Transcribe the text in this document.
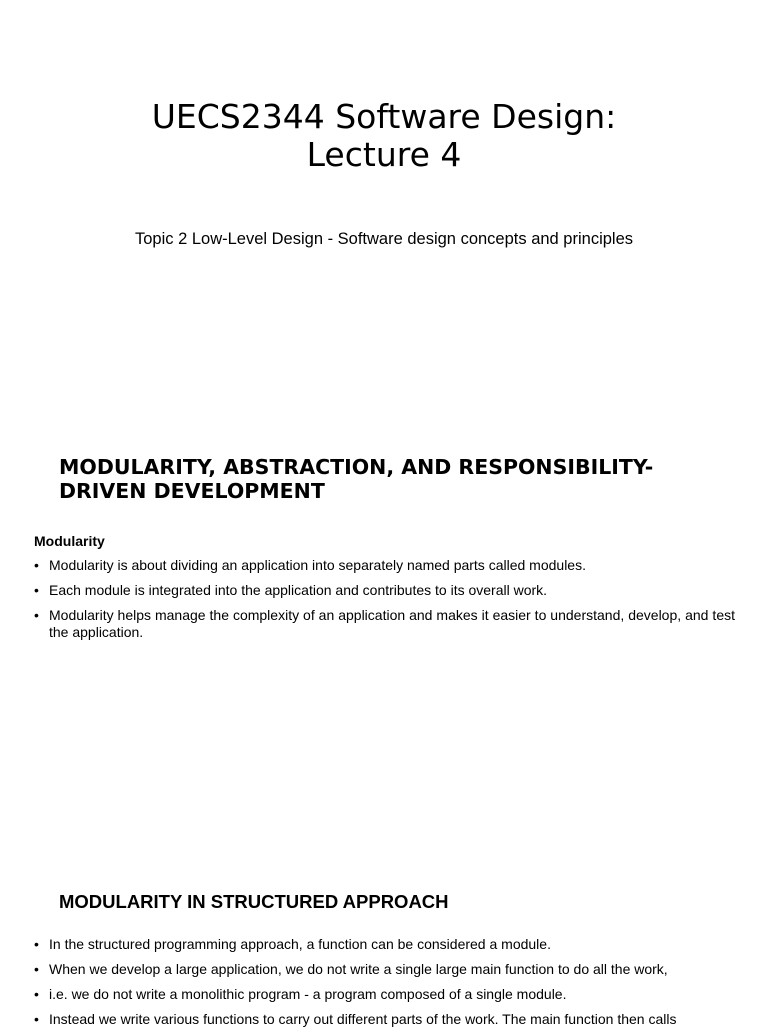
UECS2344 Software Design:
Lecture 4

Topic 2 Low-Level Design - Software design concepts and principles

MODULARITY, ABSTRACTION, AND RESPONSIBILITY-DRIVEN DEVELOPMENT

Modularity

• Modularity is about dividing an application into separately named parts called modules.
• Each module is integrated into the application and contributes to its overall work.
• Modularity helps manage the complexity of an application and makes it easier to understand, develop, and test the application.
MODULARITY IN STRUCTURED APPROACH
• In the structured programming approach, a function can be considered a module.
• When we develop a large application, we do not write a single large main function to do all the work,
• i.e. we do not write a monolithic program - a program composed of a single module.
• Instead we write various functions to carry out different parts of the work. The main function then calls
